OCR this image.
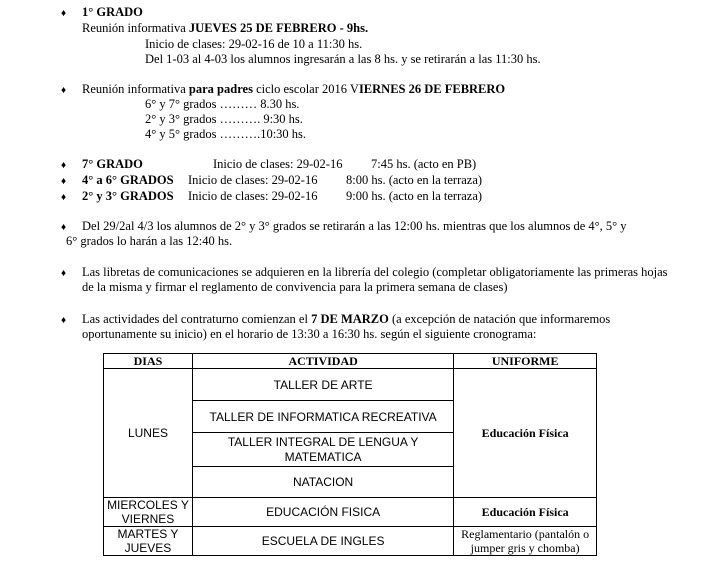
♦ 1° GRADO
Reunión informativa JUEVES 25 DE FEBRERO - 9hs.
Inicio de clases: 29-02-16 de 10 a 11:30 hs.
Del 1-03 al 4-03 los alumnos ingresarán a las 8 hs. y se retirarán a las 11:30 hs.
♦ Reunión informativa para padres ciclo escolar 2016 VIERNES 26 DE FEBRERO
6° y 7° grados ……… 8.30 hs.
2° y 3° grados ………. 9:30 hs.
4° y 5° grados ……….10:30 hs.
♦ 7° GRADO	Inicio de clases: 29-02-16 7:45 hs. (acto en PB)
♦ 4° a 6° GRADOS Inicio de clases: 29-02-16 8:00 hs. (acto en la terraza)
♦ 2° y 3° GRADOS Inicio de clases: 29-02-16 9:00 hs. (acto en la terraza)
♦ Del 29/2al 4/3 los alumnos de 2° y 3° grados se retirarán a las 12:00 hs. mientras que los alumnos de 4°, 5° y
6° grados lo harán a las 12:40 hs.
♦ Las libretas de comunicaciones se adquieren en la librería del colegio (completar obligatoriamente las primeras hojas
de la misma y firmar el reglamento de convivencia para la primera semana de clases)
♦ Las actividades del contraturno comienzan el 7 DE MARZO (a excepción de natación que informaremos
oportunamente su inicio) en el horario de 13:30 a 16:30 hs. según el siguiente cronograma:
DIAS	ACTIVIDAD	UNIFORME
LUNES	TALLER DE ARTE	Educación Física
	TALLER DE INFORMATICA RECREATIVA	
	TALLER INTEGRAL DE LENGUA Y MATEMATICA	
	NATACION	
MIERCOLES Y VIERNES	EDUCACIÓN FISICA	Educación Física
MARTES Y JUEVES	ESCUELA DE INGLES	Reglamentario (pantalón o jumper gris y chomba)
